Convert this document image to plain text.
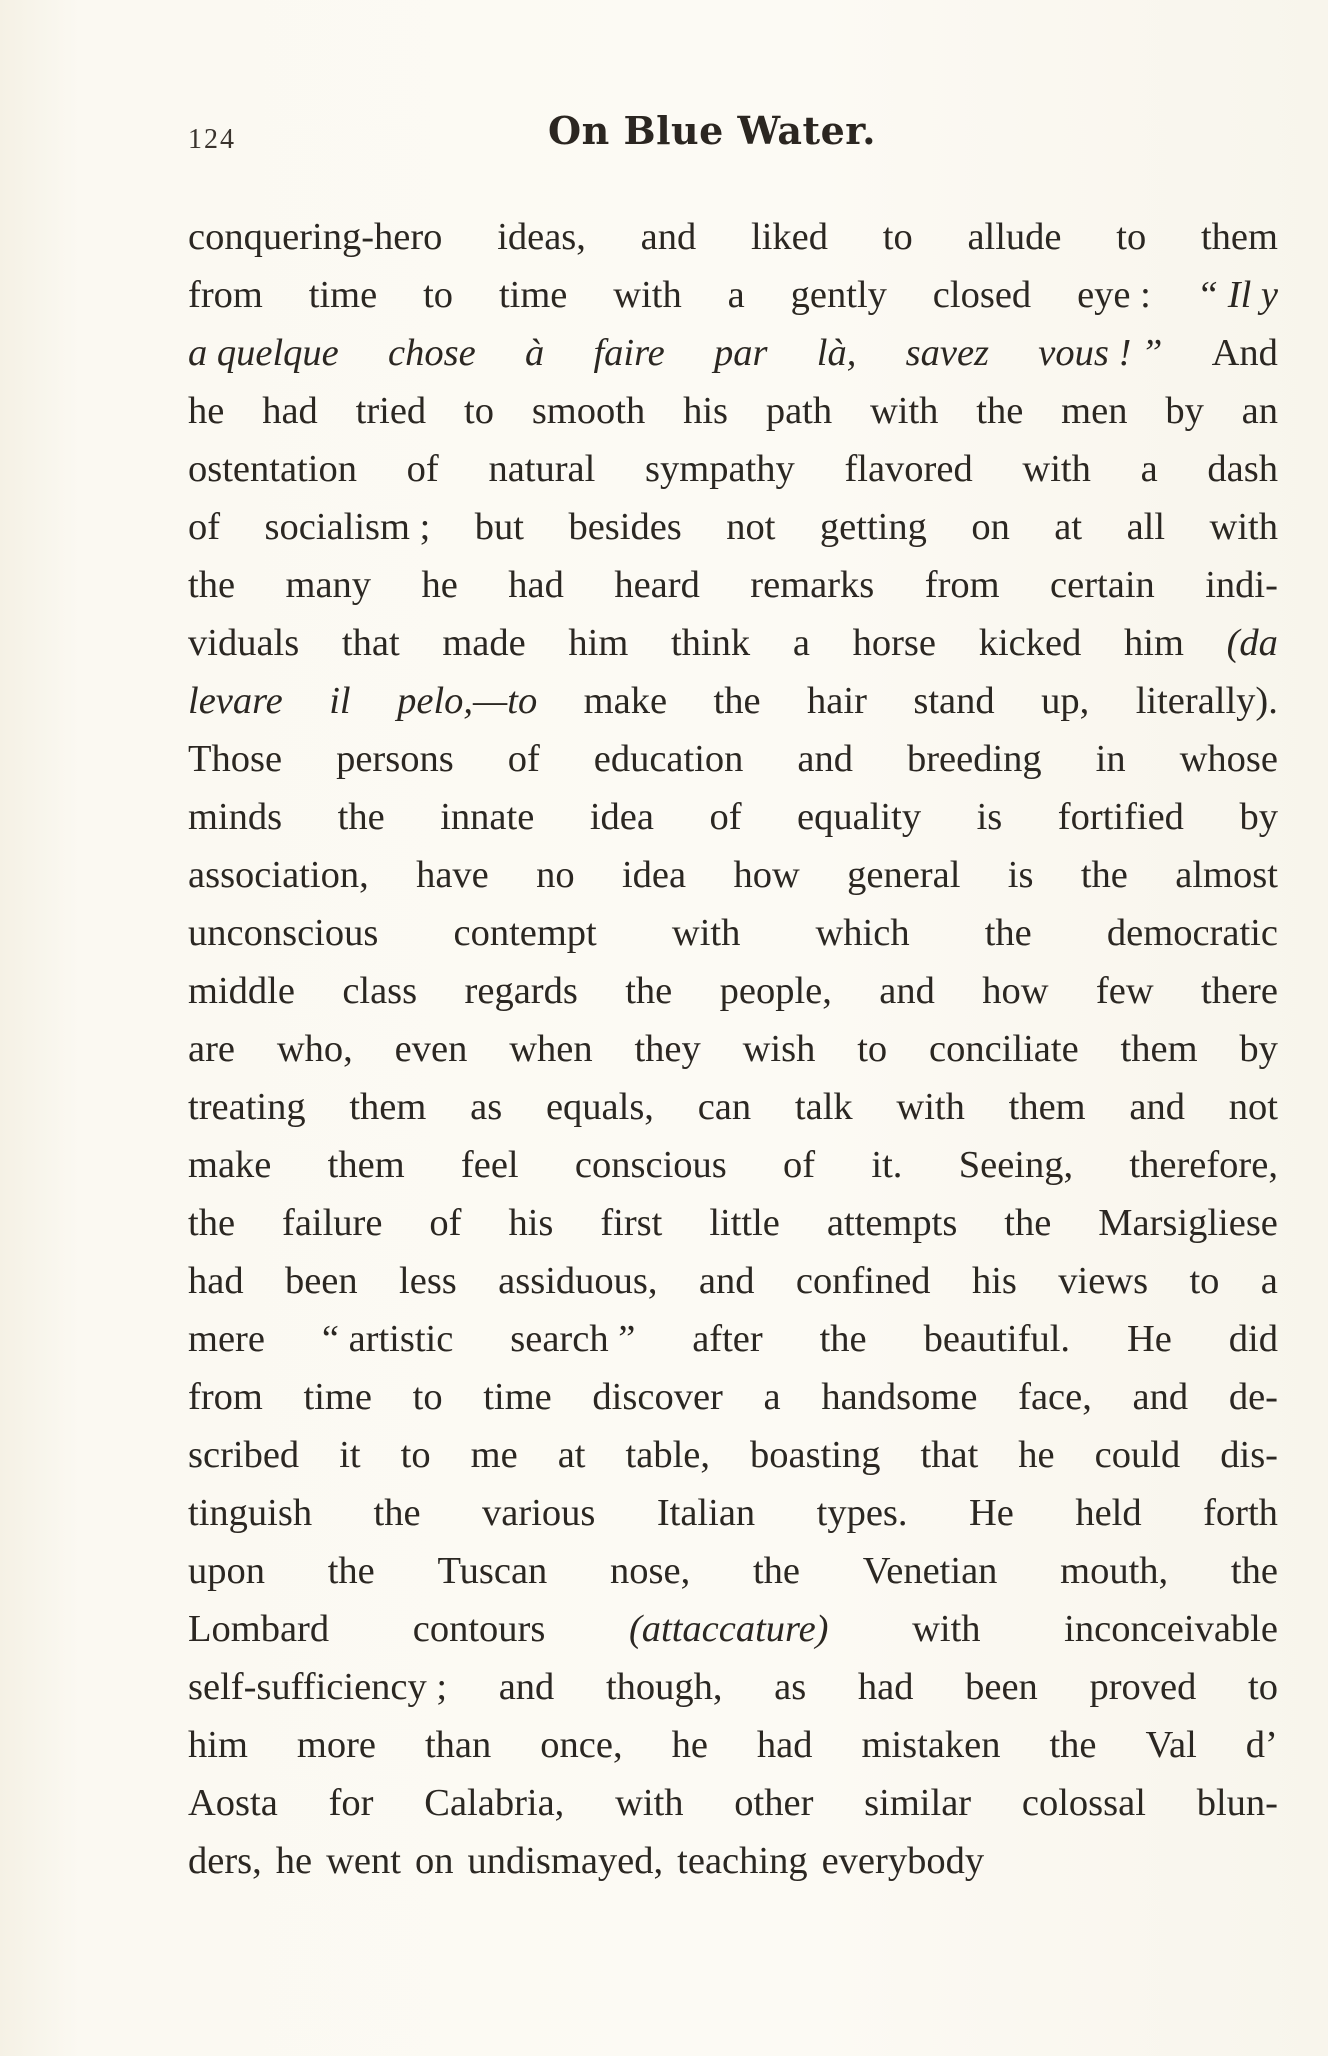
124	On Blue Water.
conquering-hero ideas, and liked to allude to them
from time to time with a gently closed eye : “ Il y
a quelque chose à faire par là, savez vous ! ” And
he had tried to smooth his path with the men by an
ostentation of natural sympathy flavored with a dash
of socialism ; but besides not getting on at all with
the many he had heard remarks from certain indi-
viduals that made him think a horse kicked him (da
levare il pelo,—to make the hair stand up, literally).
Those persons of education and breeding in whose
minds the innate idea of equality is fortified by
association, have no idea how general is the almost
unconscious contempt with which the democratic
middle class regards the people, and how few there
are who, even when they wish to conciliate them by
treating them as equals, can talk with them and not
make them feel conscious of it. Seeing, therefore,
the failure of his first little attempts the Marsigliese
had been less assiduous, and confined his views to a
mere “ artistic search ” after the beautiful. He did
from time to time discover a handsome face, and de-
scribed it to me at table, boasting that he could dis-
tinguish the various Italian types. He held forth
upon the Tuscan nose, the Venetian mouth, the
Lombard contours (attaccature) with inconceivable
self-sufficiency ; and though, as had been proved to
him more than once, he had mistaken the Val d’
Aosta for Calabria, with other similar colossal blun-
ders, he went on undismayed, teaching everybody
